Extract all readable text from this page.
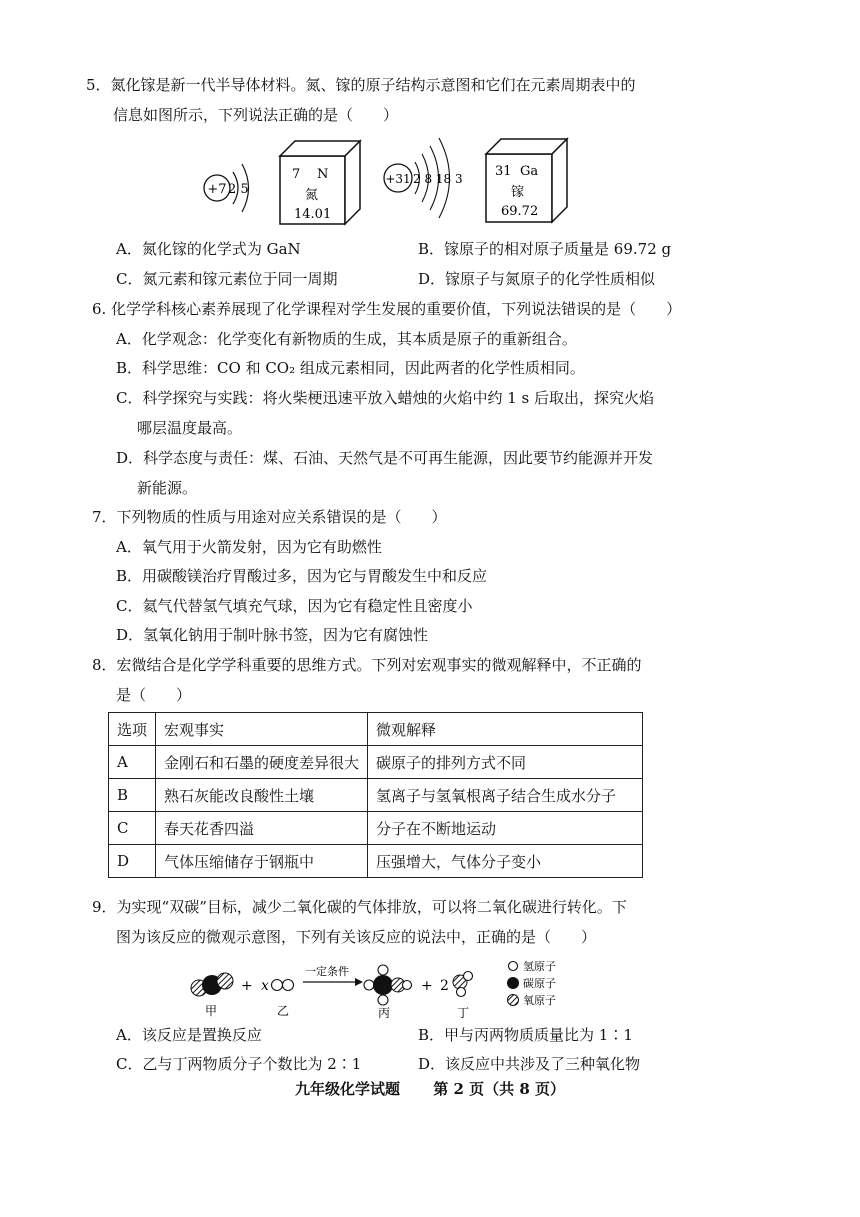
5．氮化镓是新一代半导体材料。氮、镓的原子结构示意图和它们在元素周期表中的
信息如图所示，下列说法正确的是（　　）
+7 2 5
7 N
氮
14.01
+31 2 8 18 3 31 Ga
镓
69.72
A．氮化镓的化学式为 GaN	B．镓原子的相对原子质量是 69.72 g
C．氮元素和镓元素位于同一周期	D．镓原子与氮原子的化学性质相似
6. 化学学科核心素养展现了化学课程对学生发展的重要价值，下列说法错误的是（　　）
A．化学观念：化学变化有新物质的生成，其本质是原子的重新组合。
B．科学思维：CO 和 CO₂ 组成元素相同，因此两者的化学性质相同。
C．科学探究与实践：将火柴梗迅速平放入蜡烛的火焰中约 1 s 后取出，探究火焰
哪层温度最高。
D．科学态度与责任：煤、石油、天然气是不可再生能源，因此要节约能源并开发
新能源。
7．下列物质的性质与用途对应关系错误的是（　　）
A．氧气用于火箭发射，因为它有助燃性
B．用碳酸镁治疗胃酸过多，因为它与胃酸发生中和反应
C．氦气代替氢气填充气球，因为它有稳定性且密度小
D．氢氧化钠用于制叶脉书签，因为它有腐蚀性
8．宏微结合是化学学科重要的思维方式。下列对宏观事实的微观解释中，不正确的
是（　　）
选项	宏观事实	微观解释
A	金刚石和石墨的硬度差异很大	碳原子的排列方式不同
B	熟石灰能改良酸性土壤	氢离子与氢氧根离子结合生成水分子
C	春天花香四溢	分子在不断地运动
D	气体压缩储存于钢瓶中	压强增大，气体分子变小
9．为实现“双碳”目标，减少二氧化碳的气体排放，可以将二氧化碳进行转化。下
图为该反应的微观示意图，下列有关该反应的说法中，正确的是（　　）
+ x
一定条件
+ 2
甲	乙	丙	丁
氢原子
碳原子
氧原子
A．该反应是置换反应	B．甲与丙两物质质量比为 1∶1
C．乙与丁两物质分子个数比为 2∶1	D．该反应中共涉及了三种氧化物
九年级化学试题 第 2 页（共 8 页）
